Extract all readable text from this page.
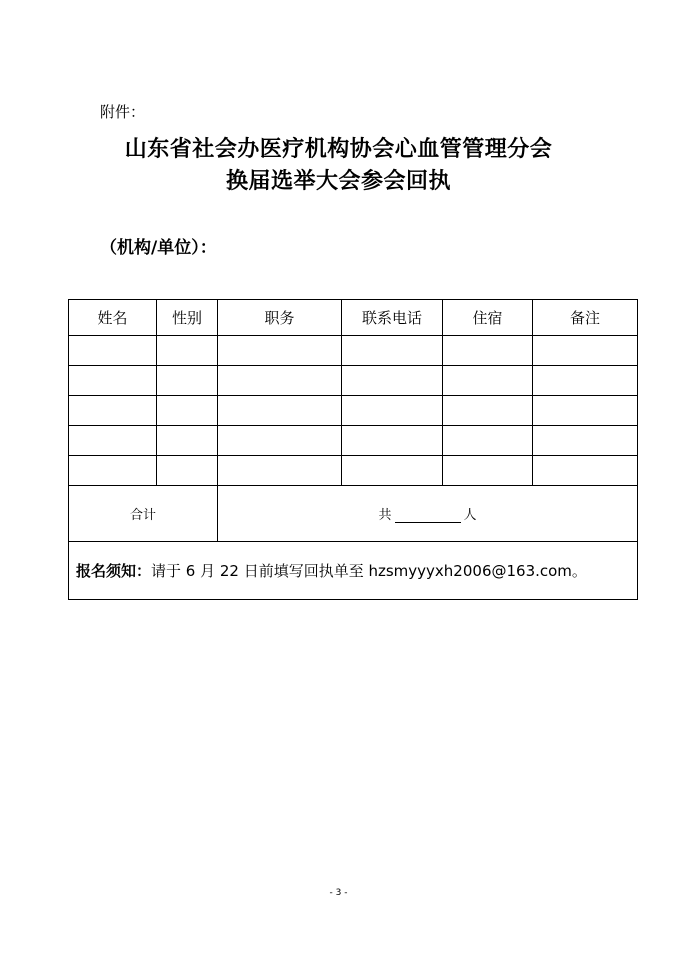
附件：
山东省社会办医疗机构协会心血管管理分会
换届选举大会参会回执
（机构/单位）：
姓名	性别	职务	联系电话	住宿	备注

合计		共 人			
报名须知：请于 6 月 22 日前填写回执单至 hzsmyyyxh2006@163.com。					
- 3 -
